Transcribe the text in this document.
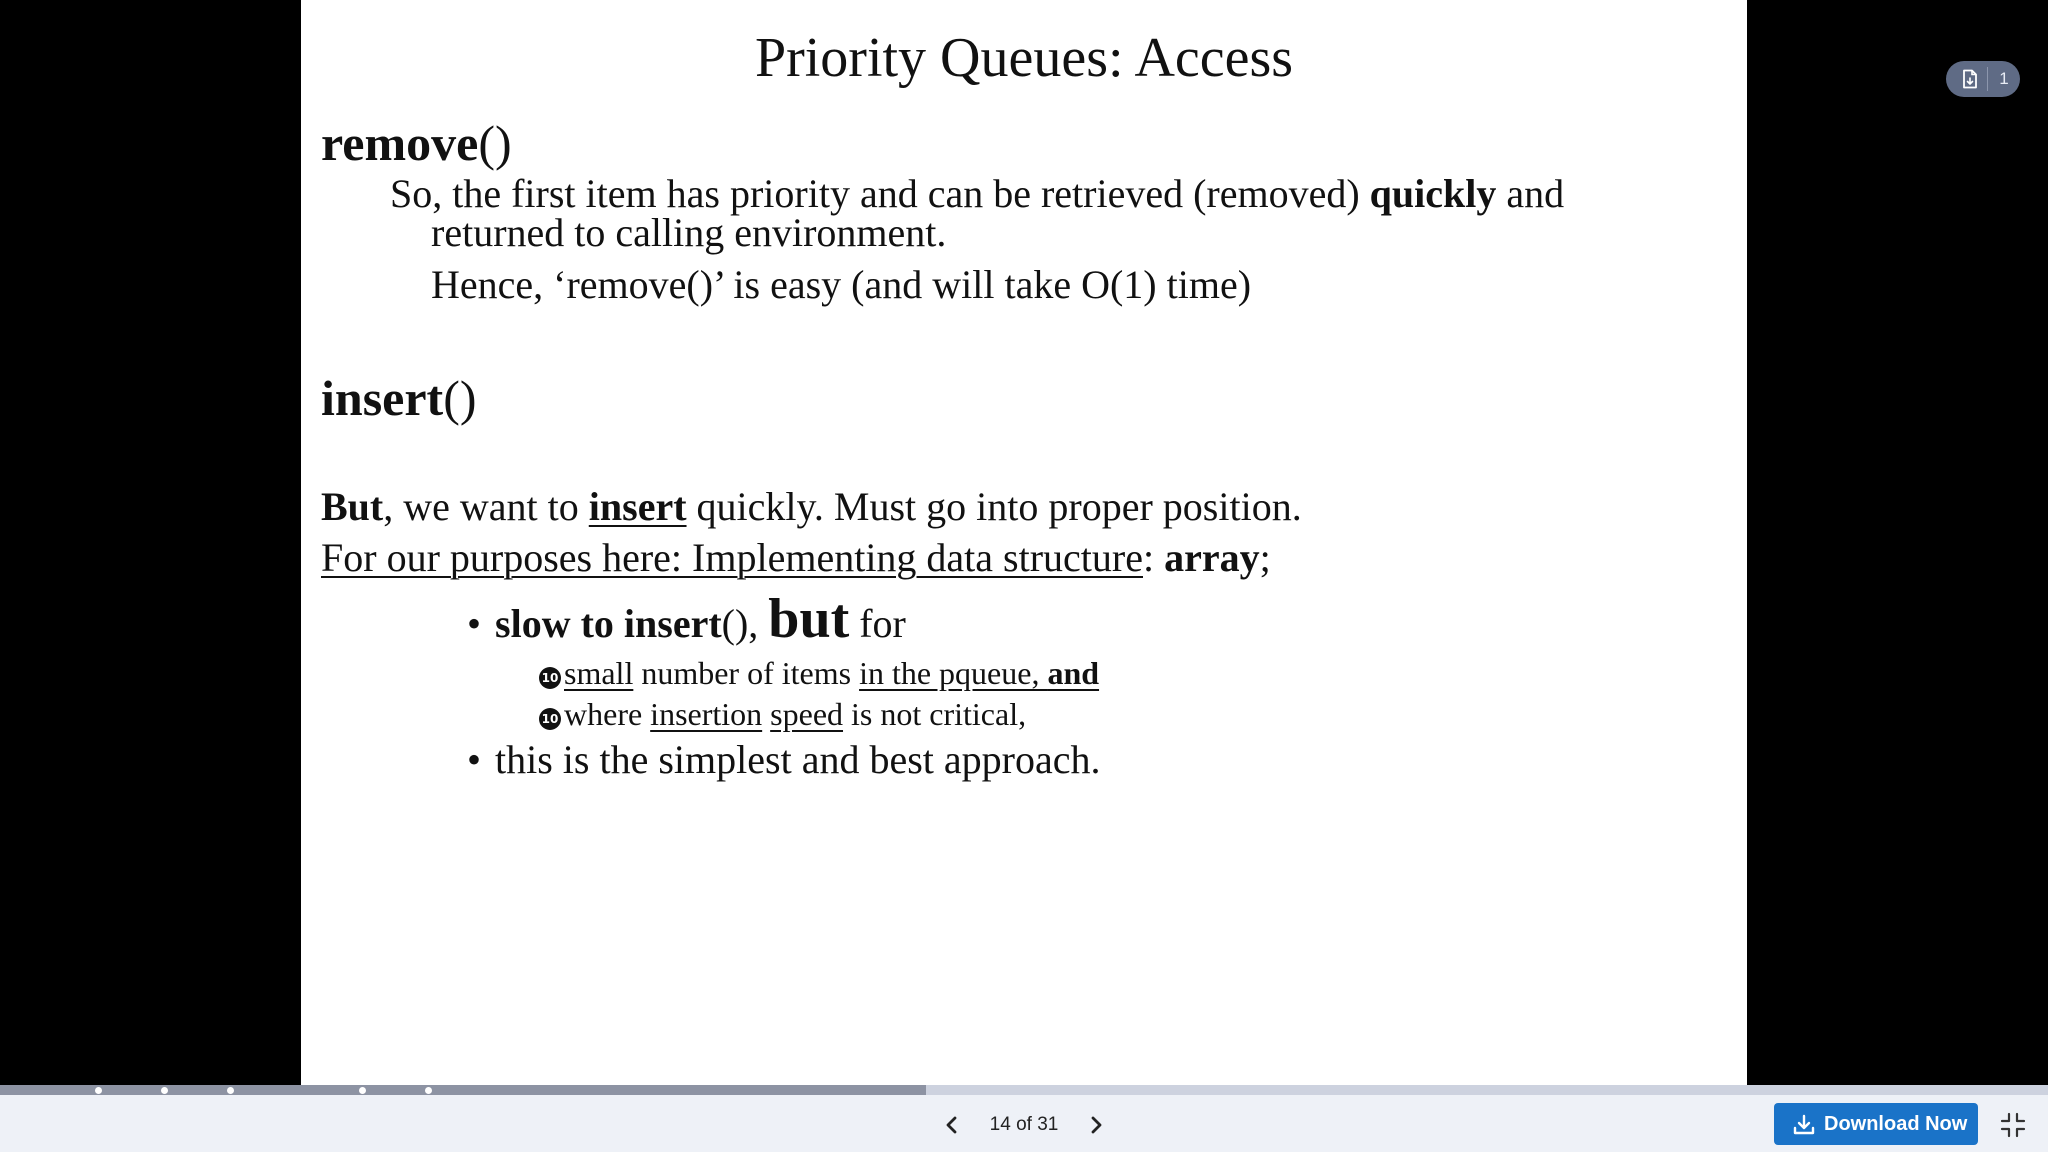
Priority Queues: Access
remove()
So, the first item has priority and can be retrieved (removed) quickly and
returned to calling environment.
Hence, ‘remove()’ is easy (and will take O(1) time)
insert()
But, we want to insert quickly. Must go into proper position.
For our purposes here: Implementing data structure: array;
• slow to insert(), but for
10 small number of items in the pqueue, and
10 where insertion speed is not critical,
• this is the simplest and best approach.
1
14 of 31	Download Now
